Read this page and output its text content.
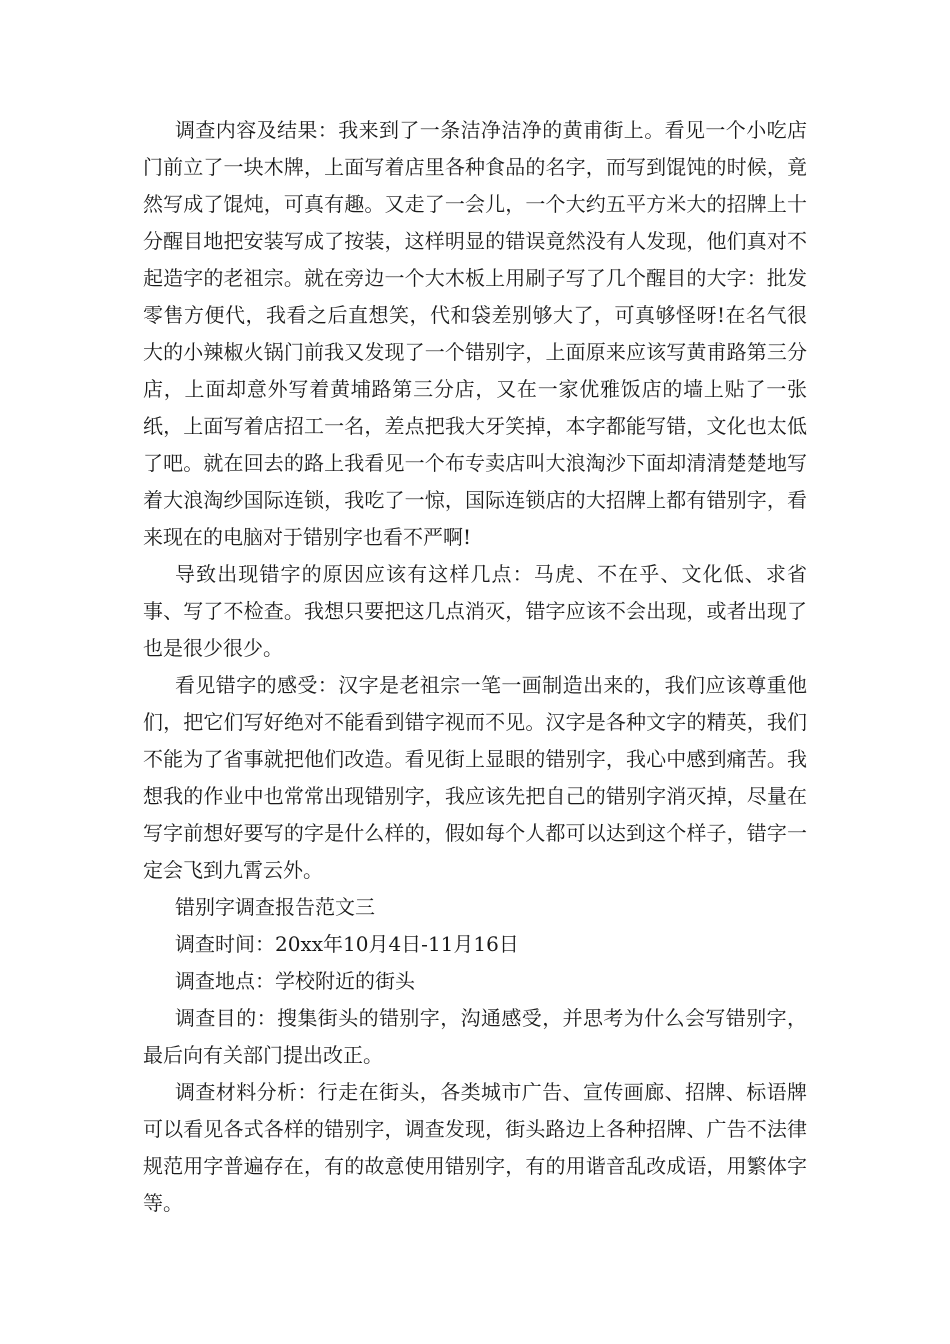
调查内容及结果：我来到了一条洁净洁净的黄甫街上。看见一个小吃店门前立了一块木牌，上面写着店里各种食品的名字，而写到馄饨的时候，竟然写成了馄炖，可真有趣。又走了一会儿，一个大约五平方米大的招牌上十分醒目地把安装写成了按装，这样明显的错误竟然没有人发现，他们真对不起造字的老祖宗。就在旁边一个大木板上用刷子写了几个醒目的大字：批发零售方便代，我看之后直想笑，代和袋差别够大了，可真够怪呀!在名气很大的小辣椒火锅门前我又发现了一个错别字，上面原来应该写黄甫路第三分店，上面却意外写着黄埔路第三分店，又在一家优雅饭店的墙上贴了一张纸，上面写着店招工一名，差点把我大牙笑掉，本字都能写错，文化也太低了吧。就在回去的路上我看见一个布专卖店叫大浪淘沙下面却清清楚楚地写着大浪淘纱国际连锁，我吃了一惊，国际连锁店的大招牌上都有错别字，看来现在的电脑对于错别字也看不严啊!

导致出现错字的原因应该有这样几点：马虎、不在乎、文化低、求省事、写了不检查。我想只要把这几点消灭，错字应该不会出现，或者出现了也是很少很少。

看见错字的感受：汉字是老祖宗一笔一画制造出来的，我们应该尊重他们，把它们写好绝对不能看到错字视而不见。汉字是各种文字的精英，我们不能为了省事就把他们改造。看见街上显眼的错别字，我心中感到痛苦。我想我的作业中也常常出现错别字，我应该先把自己的错别字消灭掉，尽量在写字前想好要写的字是什么样的，假如每个人都可以达到这个样子，错字一定会飞到九霄云外。

错别字调查报告范文三

调查时间：20xx年10月4日-11月16日

调查地点：学校附近的街头

调查目的：搜集街头的错别字，沟通感受，并思考为什么会写错别字，最后向有关部门提出改正。

调查材料分析：行走在街头，各类城市广告、宣传画廊、招牌、标语牌可以看见各式各样的错别字，调查发现，街头路边上各种招牌、广告不法律规范用字普遍存在，有的故意使用错别字，有的用谐音乱改成语，用繁体字等。
